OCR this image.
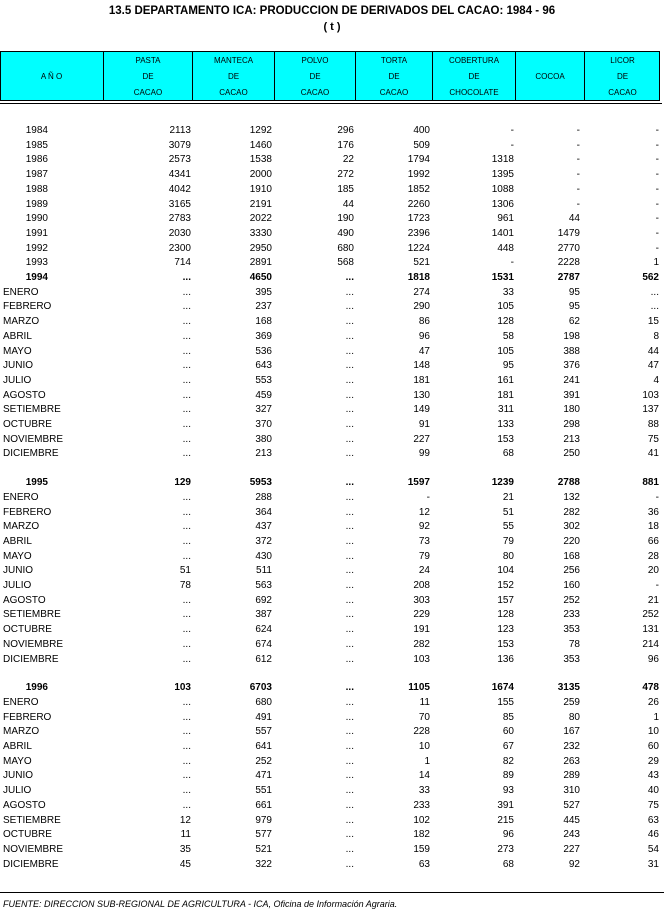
13.5 DEPARTAMENTO ICA: PRODUCCION DE DERIVADOS DEL CACAO: 1984 - 96
( t )
A Ñ O
PASTA
DE
CACAO
MANTECA
DE
CACAO
POLVO
DE
CACAO
TORTA
DE
CACAO
COBERTURA
DE
CHOCOLATE
COCOA
LICOR
DE
CACAO
1984	2113	1292	296	400	-	-	-
1985	3079	1460	176	509	-	-	-
1986	2573	1538	22	1794	1318	-	-
1987	4341	2000	272	1992	1395	-	-
1988	4042	1910	185	1852	1088	-	-
1989	3165	2191	44	2260	1306	-	-
1990	2783	2022	190	1723	961	44	-
1991	2030	3330	490	2396	1401	1479	-
1992	2300	2950	680	1224	448	2770	-
1993	714	2891	568	521	-	2228	1
1994	...	4650	...	1818	1531	2787	562
ENERO	...	395	...	274	33	95	...
FEBRERO	...	237	...	290	105	95	...
MARZO	...	168	...	86	128	62	15
ABRIL	...	369	...	96	58	198	8
MAYO	...	536	...	47	105	388	44
JUNIO	...	643	...	148	95	376	47
JULIO	...	553	...	181	161	241	4
AGOSTO	...	459	...	130	181	391	103
SETIEMBRE	...	327	...	149	311	180	137
OCTUBRE	...	370	...	91	133	298	88
NOVIEMBRE	...	380	...	227	153	213	75
DICIEMBRE	...	213	...	99	68	250	41
1995	129	5953	...	1597	1239	2788	881
ENERO	...	288	...	-	21	132	-
FEBRERO	...	364	...	12	51	282	36
MARZO	...	437	...	92	55	302	18
ABRIL	...	372	...	73	79	220	66
MAYO	...	430	...	79	80	168	28
JUNIO	51	511	...	24	104	256	20
JULIO	78	563	...	208	152	160	-
AGOSTO	...	692	...	303	157	252	21
SETIEMBRE	...	387	...	229	128	233	252
OCTUBRE	...	624	...	191	123	353	131
NOVIEMBRE	...	674	...	282	153	78	214
DICIEMBRE	...	612	...	103	136	353	96
1996	103	6703	...	1105	1674	3135	478
ENERO	...	680	...	11	155	259	26
FEBRERO	...	491	...	70	85	80	1
MARZO	...	557	...	228	60	167	10
ABRIL	...	641	...	10	67	232	60
MAYO	...	252	...	1	82	263	29
JUNIO	...	471	...	14	89	289	43
JULIO	...	551	...	33	93	310	40
AGOSTO	...	661	...	233	391	527	75
SETIEMBRE	12	979	...	102	215	445	63
OCTUBRE	11	577	...	182	96	243	46
NOVIEMBRE	35	521	...	159	273	227	54
DICIEMBRE	45	322	...	63	68	92	31
FUENTE: DIRECCION SUB-REGIONAL DE AGRICULTURA - ICA, Oficina de Información Agraria.
